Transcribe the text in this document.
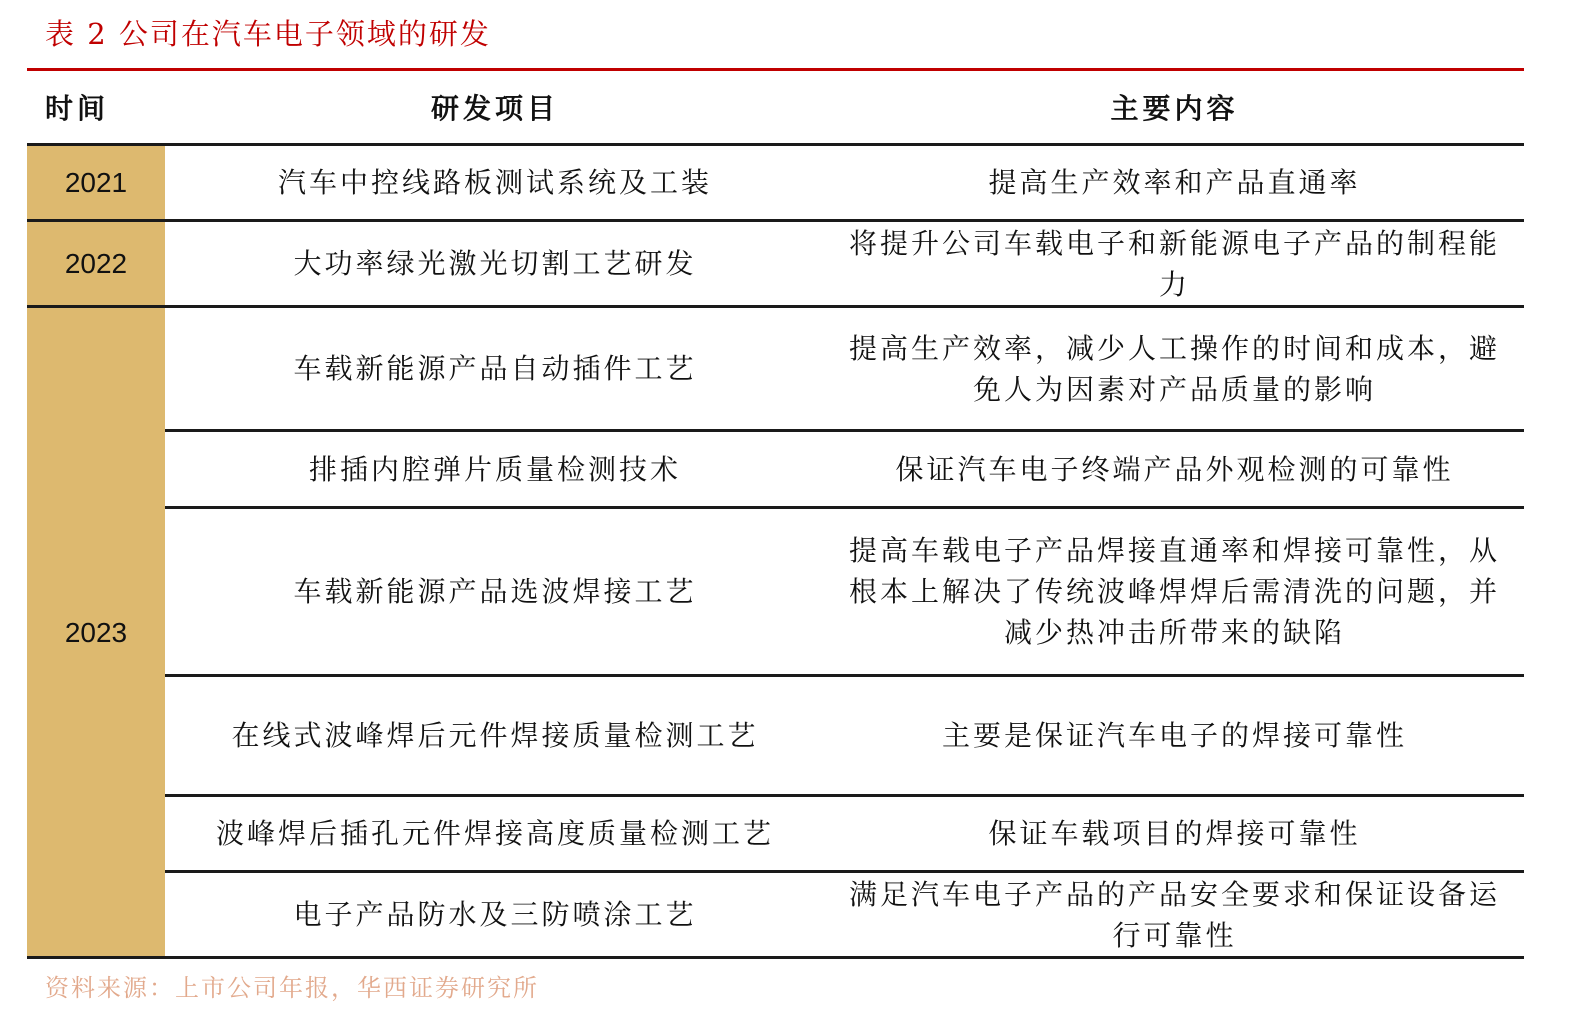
表 2 公司在汽车电子领域的研发
时间	研发项目	主要内容
2021	汽车中控线路板测试系统及工装	提高生产效率和产品直通率
2022	大功率绿光激光切割工艺研发	将提升公司车载电子和新能源电子产品的制程能力
2023	车载新能源产品自动插件工艺	提高生产效率，减少人工操作的时间和成本，避免人为因素对产品质量的影响
	排插内腔弹片质量检测技术	保证汽车电子终端产品外观检测的可靠性
	车载新能源产品选波焊接工艺	提高车载电子产品焊接直通率和焊接可靠性，从根本上解决了传统波峰焊焊后需清洗的问题，并减少热冲击所带来的缺陷
	在线式波峰焊后元件焊接质量检测工艺	主要是保证汽车电子的焊接可靠性
	波峰焊后插孔元件焊接高度质量检测工艺	保证车载项目的焊接可靠性
	电子产品防水及三防喷涂工艺	满足汽车电子产品的产品安全要求和保证设备运行可靠性
资料来源：上市公司年报，华西证券研究所
